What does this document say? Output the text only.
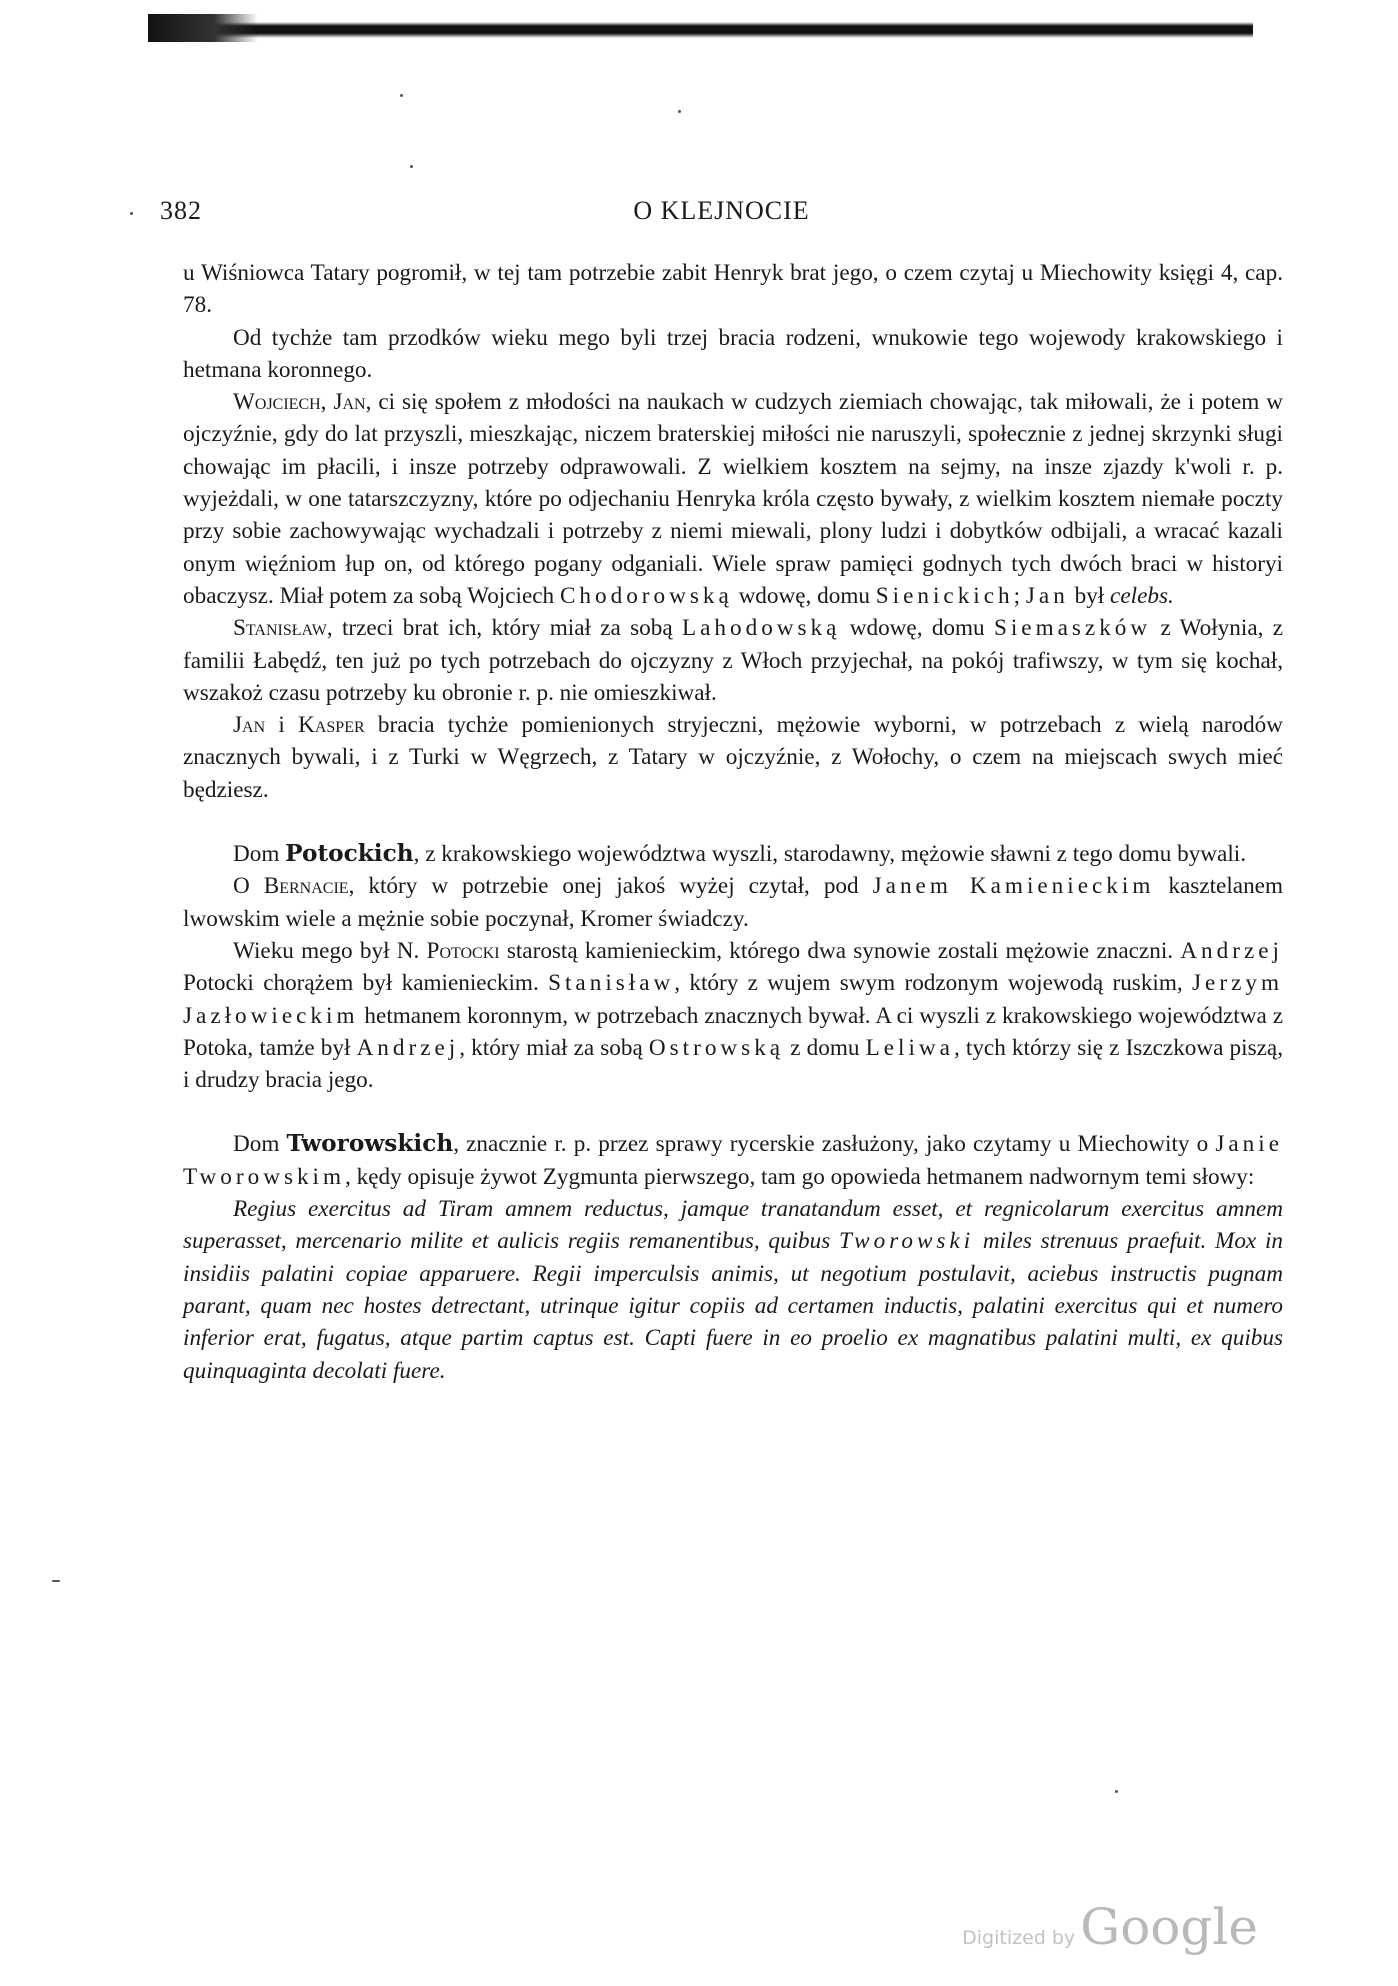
382	O KLEJNOCIE

u Wiśniowca Tatary pogromił, w tej tam potrzebie zabit Henryk brat jego, o czem czytaj u Miechowity księgi 4, cap. 78.

Od tychże tam przodków wieku mego byli trzej bracia rodzeni, wnukowie tego wojewody krakowskiego i hetmana koronnego.

Wojciech, Jan, ci się społem z młodości na naukach w cudzych ziemiach chowając, tak miłowali, że i potem w ojczyźnie, gdy do lat przyszli, mieszkając, niczem braterskiej miłości nie naruszyli, społecznie z jednej skrzynki sługi chowając im płacili, i insze potrzeby odprawowali. Z wielkiem kosztem na sejmy, na insze zjazdy k'woli r. p. wyjeżdali, w one tatarszczyzny, które po odjechaniu Henryka króla często bywały, z wielkim kosztem niemałe poczty przy sobie zachowywając wychadzali i potrzeby z niemi miewali, plony ludzi i dobytków odbijali, a wracać kazali onym więźniom łup on, od którego pogany odganiali. Wiele spraw pamięci godnych tych dwóch braci w historyi obaczysz. Miał potem za sobą Wojciech Chodorowską wdowę, domu Sienickich; Jan był celebs.

Stanisław, trzeci brat ich, który miał za sobą Lahodowską wdowę, domu Siemaszków z Wołynia, z familii Łabędź, ten już po tych potrzebach do ojczyzny z Włoch przyjechał, na pokój trafiwszy, w tym się kochał, wszakoż czasu potrzeby ku obronie r. p. nie omieszkiwał.

Jan i Kasper bracia tychże pomienionych stryjeczni, mężowie wyborni, w potrzebach z wielą narodów znacznych bywali, i z Turki w Węgrzech, z Tatary w ojczyźnie, z Wołochy, o czem na miejscach swych mieć będziesz.

Dom Potockich, z krakowskiego województwa wyszli, starodawny, mężowie sławni z tego domu bywali.

O Bernacie, który w potrzebie onej jakoś wyżej czytał, pod Janem Kamienieckim kasztelanem lwowskim wiele a mężnie sobie poczynał, Kromer świadczy.

Wieku mego był N. Potocki starostą kamienieckim, którego dwa synowie zostali mężowie znaczni. Andrzej Potocki chorążem był kamienieckim. Stanisław, który z wujem swym rodzonym wojewodą ruskim, Jerzym Jazłowieckim hetmanem koronnym, w potrzebach znacznych bywał. A ci wyszli z krakowskiego województwa z Potoka, tamże był Andrzej, który miał za sobą Ostrowską z domu Leliwa, tych którzy się z Iszczkowa piszą, i drudzy bracia jego.

Dom Tworowskich, znacznie r. p. przez sprawy rycerskie zasłużony, jako czytamy u Miechowity o Janie Tworowskim, kędy opisuje żywot Zygmunta pierwszego, tam go opowieda hetmanem nadwornym temi słowy:

Regius exercitus ad Tiram amnem reductus, jamque tranatandum esset, et regnicolarum exercitus amnem superasset, mercenario milite et aulicis regiis remanentibus, quibus Tworowski miles strenuus praefuit. Mox in insidiis palatini copiae apparuere. Regii imperculsis animis, ut negotium postulavit, aciebus instructis pugnam parant, quam nec hostes detrectant, utrinque igitur copiis ad certamen inductis, palatini exercitus qui et numero inferior erat, fugatus, atque partim captus est. Capti fuere in eo proelio ex magnatibus palatini multi, ex quibus quinquaginta decolati fuere.

Digitized by Google
